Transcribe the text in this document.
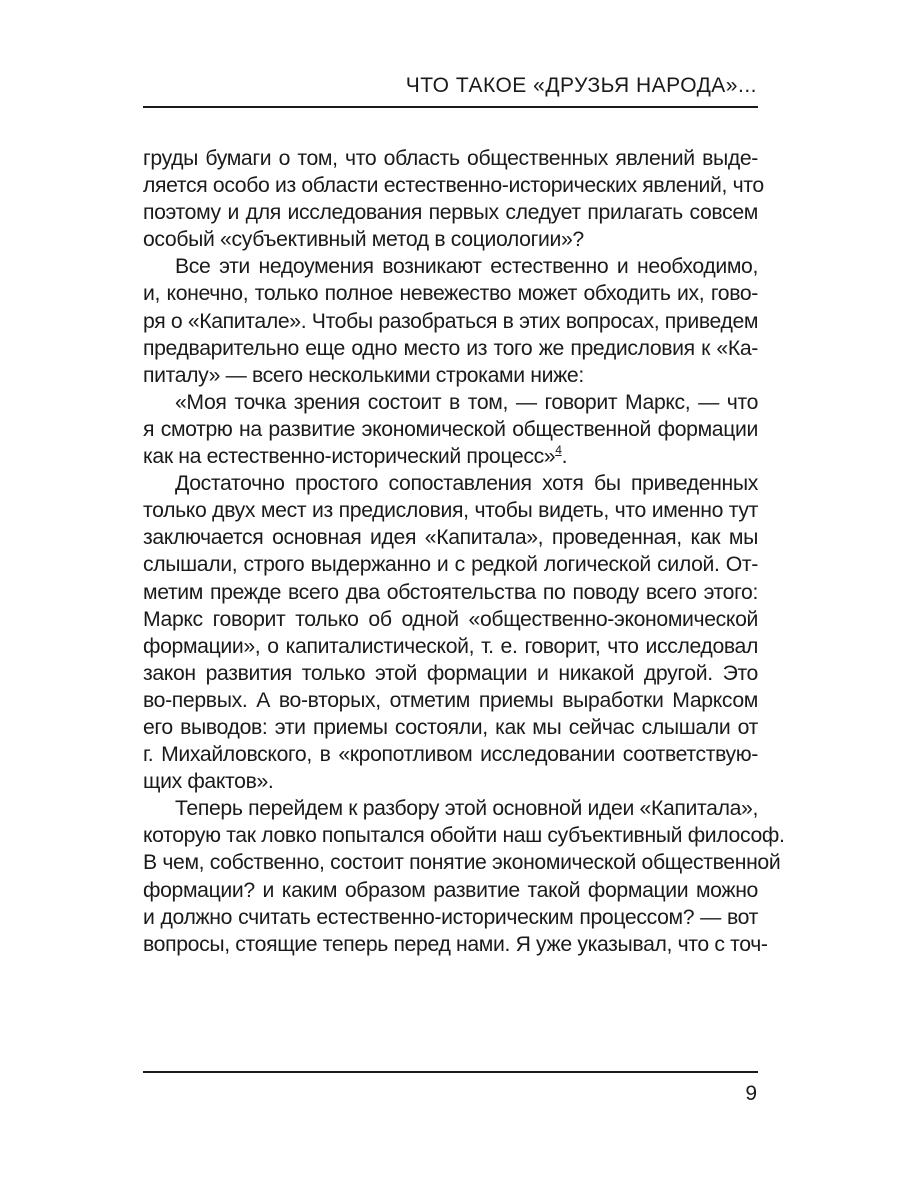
ЧТО ТАКОЕ «ДРУЗЬЯ НАРОДА»...
груды бумаги о том, что область общественных явлений выде-
ляется особо из области естественно-исторических явлений, что
поэтому и для исследования первых следует прилагать совсем
особый «субъективный метод в социологии»?
Все эти недоумения возникают естественно и необходимо,
и, конечно, только полное невежество может обходить их, гово-
ря о «Капитале». Чтобы разобраться в этих вопросах, приведем
предварительно еще одно место из того же предисловия к «Ка-
питалу» — всего несколькими строками ниже:
«Моя точка зрения состоит в том, — говорит Маркс, — что
я смотрю на развитие экономической общественной формации
как на естественно-исторический процесс»$^4$.
Достаточно простого сопоставления хотя бы приведенных
только двух мест из предисловия, чтобы видеть, что именно тут
заключается основная идея «Капитала», проведенная, как мы
слышали, строго выдержанно и с редкой логической силой. От-
метим прежде всего два обстоятельства по поводу всего этого:
Маркс говорит только об одной «общественно-экономической
формации», о капиталистической, т. е. говорит, что исследовал
закон развития только этой формации и никакой другой. Это
во-первых. А во-вторых, отметим приемы выработки Марксом
его выводов: эти приемы состояли, как мы сейчас слышали от
г. Михайловского, в «кропотливом исследовании соответствую-
щих фактов».
Теперь перейдем к разбору этой основной идеи «Капитала»,
которую так ловко попытался обойти наш субъективный философ.
В чем, собственно, состоит понятие экономической общественной
формации? и каким образом развитие такой формации можно
и должно считать естественно-историческим процессом? — вот
вопросы, стоящие теперь перед нами. Я уже указывал, что с точ-
9
